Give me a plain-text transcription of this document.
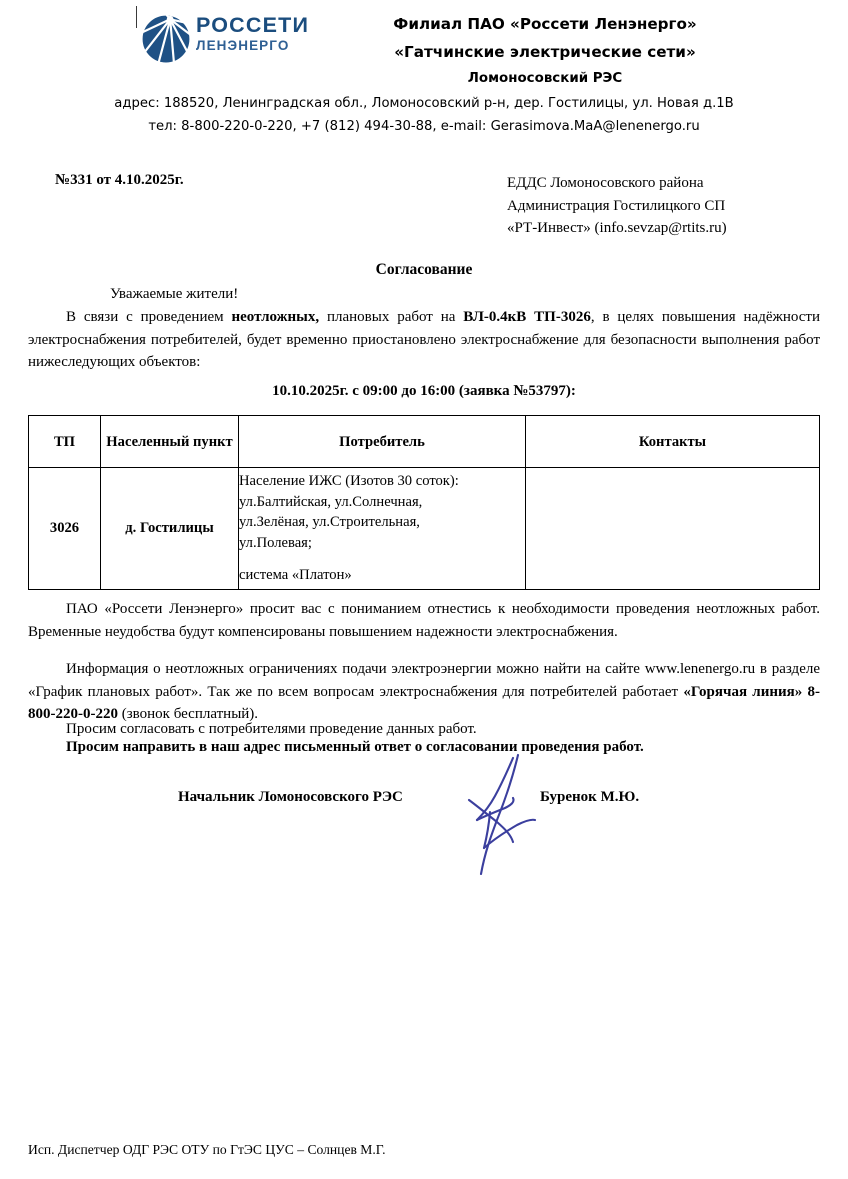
РОССЕТИ
ЛЕНЭНЕРГО
Филиал ПАО «Россети Ленэнерго»
«Гатчинские электрические сети»
Ломоносовский РЭС
адрес: 188520, Ленинградская обл., Ломоносовский р-н, дер. Гостилицы, ул. Новая д.1В
тел: 8-800-220-0-220, +7 (812) 494-30-88, e-mail: Gerasimova.MaA@lenenergo.ru
№331 от 4.10.2025г.	ЕДДС Ломоносовского района
Администрация Гостилицкого СП
«РТ-Инвест» (info.sevzap@rtits.ru)
Согласование
Уважаемые жители!
В связи с проведением неотложных, плановых работ на ВЛ-0.4кВ ТП-3026, в целях повышения надёжности электроснабжения потребителей, будет временно приостановлено электроснабжение для безопасности выполнения работ нижеследующих объектов:
10.10.2025г. с 09:00 до 16:00 (заявка №53797):
ТП	Населенный пункт	Потребитель	Контакты
3026	д. Гостилицы	Население ИЖС (Изотов 30 соток):
ул.Балтийская, ул.Солнечная,
ул.Зелёная, ул.Строительная,
ул.Полевая;
система «Платон»	
ПАО «Россети Ленэнерго» просит вас с пониманием отнестись к необходимости проведения неотложных работ. Временные неудобства будут компенсированы повышением надежности электроснабжения.
Информация о неотложных ограничениях подачи электроэнергии можно найти на сайте www.lenenergo.ru в разделе «График плановых работ». Так же по всем вопросам электроснабжения для потребителей работает «Горячая линия» 8-800-220-0-220 (звонок бесплатный).
Просим согласовать с потребителями проведение данных работ.
Просим направить в наш адрес письменный ответ о согласовании проведения работ.
Начальник Ломоносовского РЭС	Буренок М.Ю.
Исп. Диспетчер ОДГ РЭС ОТУ по ГтЭС ЦУС – Солнцев М.Г.
